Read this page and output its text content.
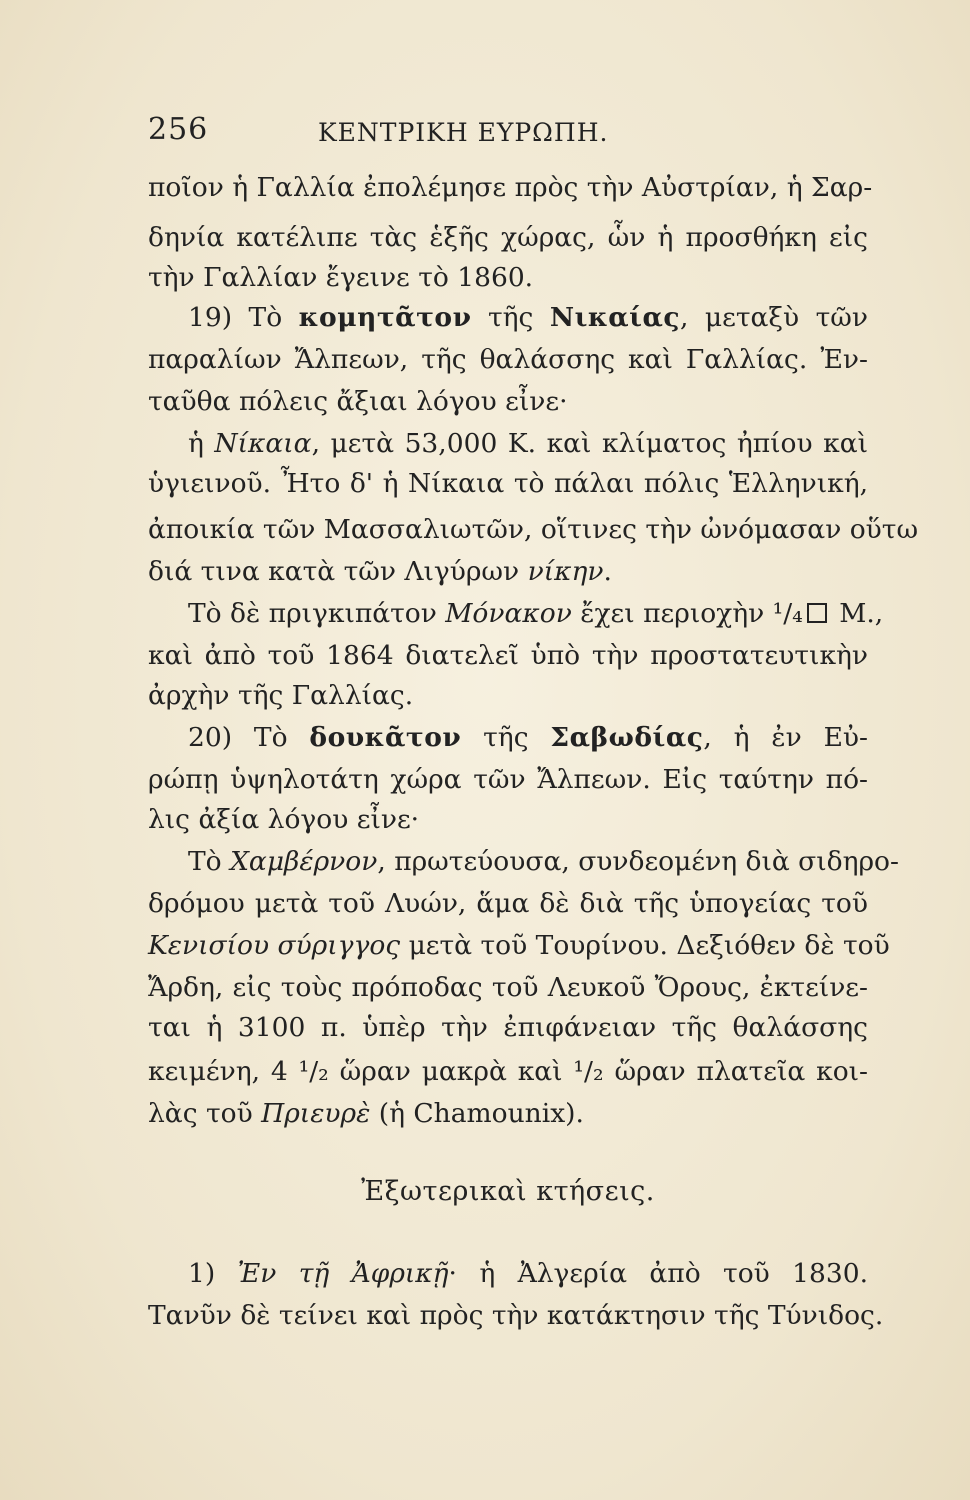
256	ΚΕΝΤΡΙΚΗ ΕΥΡΩΠΗ.
ποῖον ἡ Γαλλία ἐπολέμησε πρὸς τὴν Αὐστρίαν, ἡ Σαρ-
δηνία κατέλιπε τὰς ἑξῆς χώρας, ὧν ἡ προσθήκη εἰς
τὴν Γαλλίαν ἔγεινε τὸ 1860.
19) Τὸ κομητᾶτον τῆς Νικαίας, μεταξὺ τῶν
παραλίων Ἄλπεων, τῆς θαλάσσης καὶ Γαλλίας. Ἐν-
ταῦθα πόλεις ἄξιαι λόγου εἶνε·
ἡ Νίκαια, μετὰ 53,000 Κ. καὶ κλίματος ἠπίου καὶ
ὑγιεινοῦ. Ἦτο δ' ἡ Νίκαια τὸ πάλαι πόλις Ἑλληνική,
ἀποικία τῶν Μασσαλιωτῶν, οἵτινες τὴν ὠνόμασαν οὕτω
διά τινα κατὰ τῶν Λιγύρων νίκην.
Τὸ δὲ πριγκιπάτον Μόνακον ἔχει περιοχὴν ¹/₄ Μ.,
καὶ ἀπὸ τοῦ 1864 διατελεῖ ὑπὸ τὴν προστατευτικὴν
ἀρχὴν τῆς Γαλλίας.
20) Τὸ δουκᾶτον τῆς Σαβωδίας, ἡ ἐν Εὐ-
ρώπῃ ὑψηλοτάτη χώρα τῶν Ἄλπεων. Εἰς ταύτην πό-
λις ἀξία λόγου εἶνε·
Τὸ Χαμβέρνον, πρωτεύουσα, συνδεομένη διὰ σιδηρο-
δρόμου μετὰ τοῦ Λυών, ἅμα δὲ διὰ τῆς ὑπογείας τοῦ
Κενισίου σύριγγος μετὰ τοῦ Τουρίνου. Δεξιόθεν δὲ τοῦ
Ἄρδη, εἰς τοὺς πρόποδας τοῦ Λευκοῦ Ὄρους, ἐκτείνε-
ται ἡ 3100 π. ὑπὲρ τὴν ἐπιφάνειαν τῆς θαλάσσης
κειμένη, 4 ¹/₂ ὥραν μακρὰ καὶ ¹/₂ ὥραν πλατεῖα κοι-
λὰς τοῦ Πριευρὲ (ἡ Chamounix).
Ἐξωτερικαὶ κτήσεις.
1) Ἐν τῇ Ἀφρικῇ· ἡ Ἀλγερία ἀπὸ τοῦ 1830.
Τανῦν δὲ τείνει καὶ πρὸς τὴν κατάκτησιν τῆς Τύνιδος.
